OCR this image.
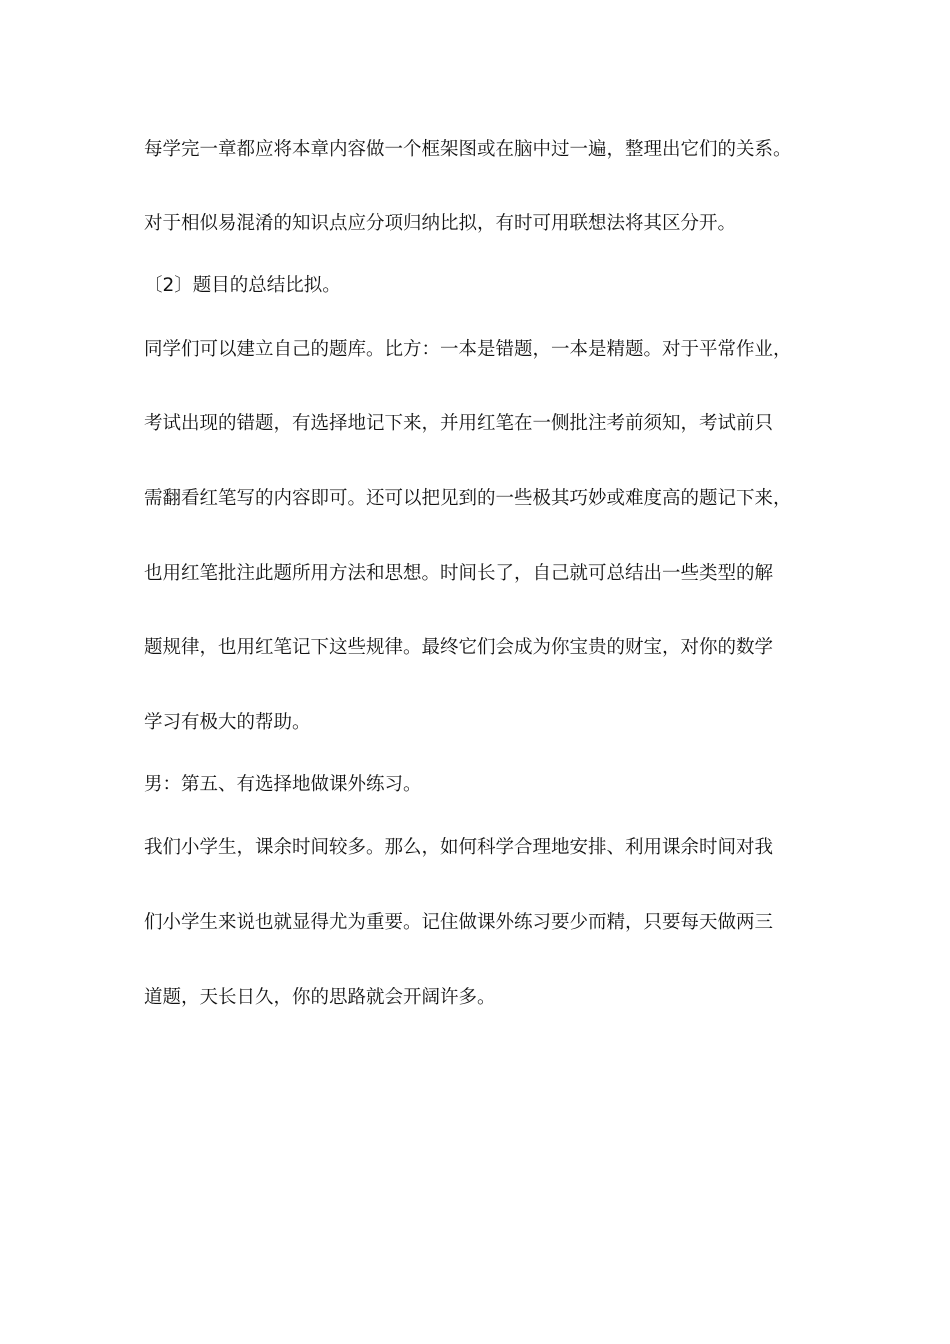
每学完一章都应将本章内容做一个框架图或在脑中过一遍，整理出它们的关系。
对于相似易混淆的知识点应分项归纳比拟，有时可用联想法将其区分开。
〔2〕题目的总结比拟。
同学们可以建立自己的题库。比方：一本是错题，一本是精题。对于平常作业，
考试出现的错题，有选择地记下来，并用红笔在一侧批注考前须知，考试前只
需翻看红笔写的内容即可。还可以把见到的一些极其巧妙或难度高的题记下来，
也用红笔批注此题所用方法和思想。时间长了，自己就可总结出一些类型的解
题规律，也用红笔记下这些规律。最终它们会成为你宝贵的财宝，对你的数学
学习有极大的帮助。
男：第五、有选择地做课外练习。
我们小学生，课余时间较多。那么，如何科学合理地安排、利用课余时间对我
们小学生来说也就显得尤为重要。记住做课外练习要少而精，只要每天做两三
道题，天长日久，你的思路就会开阔许多。
